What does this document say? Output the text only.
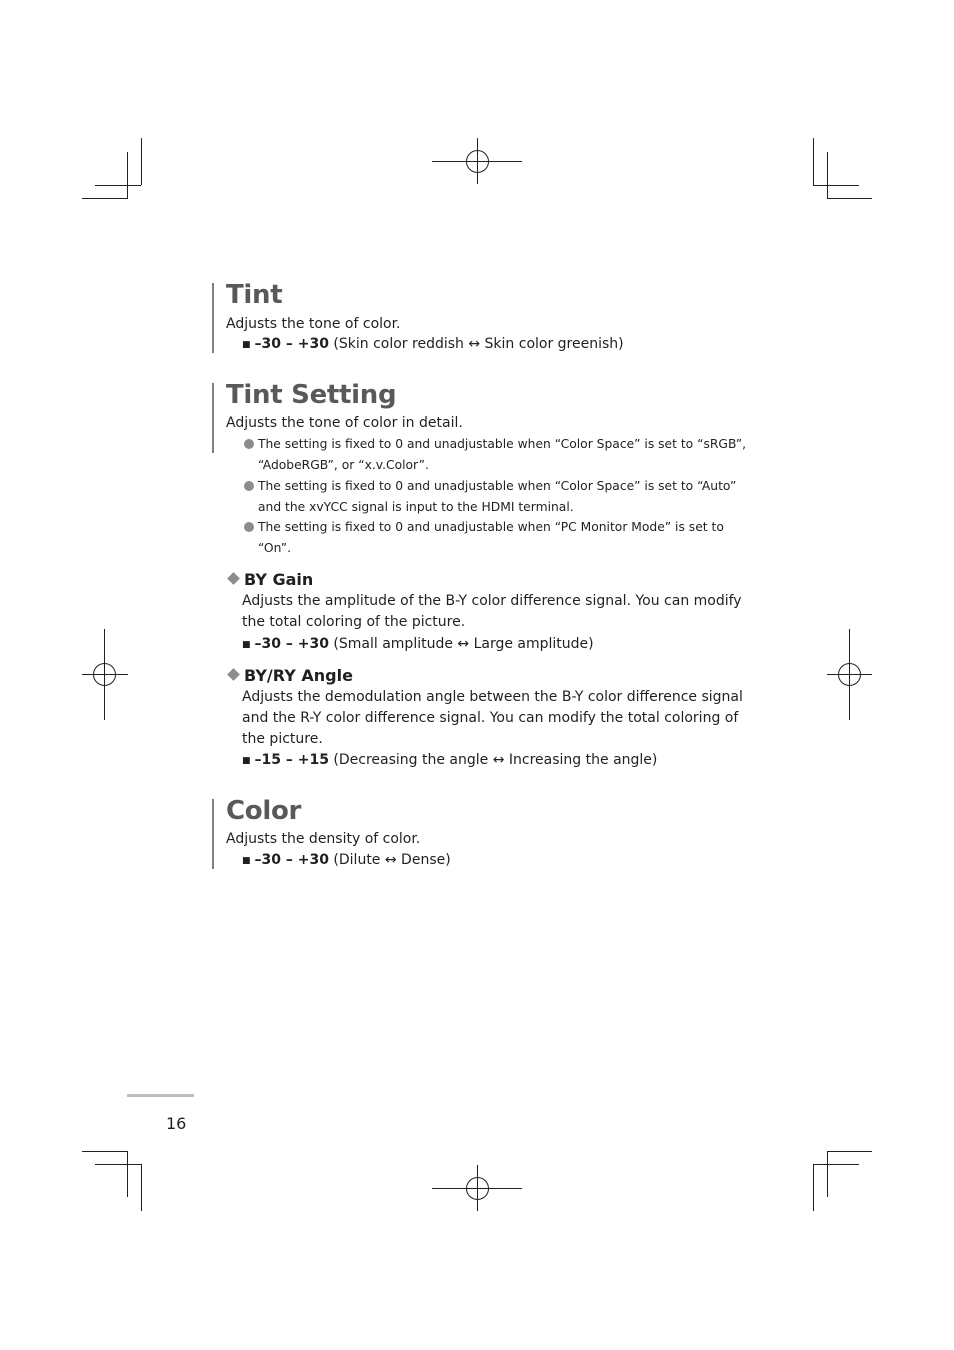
Tint

Adjusts the tone of color.

■ –30 – +30 (Skin color reddish ↔ Skin color greenish)
Tint Setting

Adjusts the tone of color in detail.

The setting is fixed to 0 and unadjustable when “Color Space” is set to “sRGB”,
“AdobeRGB”, or “x.v.Color”.
The setting is fixed to 0 and unadjustable when “Color Space” is set to “Auto”
and the xvYCC signal is input to the HDMI terminal.
The setting is fixed to 0 and unadjustable when “PC Monitor Mode” is set to
“On”.
BY Gain

Adjusts the amplitude of the B-Y color difference signal. You can modify

the total coloring of the picture.

■ –30 – +30 (Small amplitude ↔ Large amplitude)
BY/RY Angle

Adjusts the demodulation angle between the B-Y color difference signal

and the R-Y color difference signal. You can modify the total coloring of

the picture.

■ –15 – +15 (Decreasing the angle ↔ Increasing the angle)
Color

Adjusts the density of color.

■ –30 – +30 (Dilute ↔ Dense)
16
